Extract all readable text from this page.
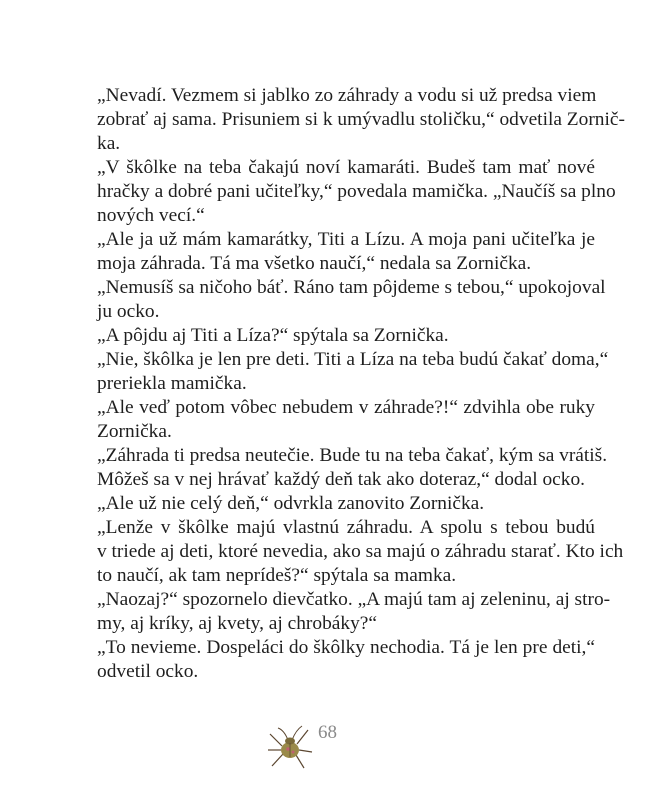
„Nevadí. Vezmem si jablko zo záhrady a vodu si už predsa viem
zobrať aj sama. Prisuniem si k umývadlu stoličku,“ odvetila Zornič-
ka.
„V škôlke na teba čakajú noví kamaráti. Budeš tam mať nové
hračky a dobré pani učiteľky,“ povedala mamička. „Naučíš sa plno
nových vecí.“
„Ale ja už mám kamarátky, Titi a Lízu. A moja pani učiteľka je
moja záhrada. Tá ma všetko naučí,“ nedala sa Zornička.
„Nemusíš sa ničoho báť. Ráno tam pôjdeme s tebou,“ upokojoval
ju ocko.
„A pôjdu aj Titi a Líza?“ spýtala sa Zornička.
„Nie, škôlka je len pre deti. Titi a Líza na teba budú čakať doma,“
preriekla mamička.
„Ale veď potom vôbec nebudem v záhrade?!“ zdvihla obe ruky
Zornička.
„Záhrada ti predsa neutečie. Bude tu na teba čakať, kým sa vrátiš.
Môžeš sa v nej hrávať každý deň tak ako doteraz,“ dodal ocko.
„Ale už nie celý deň,“ odvrkla zanovito Zornička.
„Lenže v škôlke majú vlastnú záhradu. A spolu s tebou budú
v triede aj deti, ktoré nevedia, ako sa majú o záhradu starať. Kto ich
to naučí, ak tam neprídeš?“ spýtala sa mamka.
„Naozaj?“ spozornelo dievčatko. „A majú tam aj zeleninu, aj stro-
my, aj kríky, aj kvety, aj chrobáky?“
„To nevieme. Dospeláci do škôlky nechodia. Tá je len pre deti,“
odvetil ocko.
68
